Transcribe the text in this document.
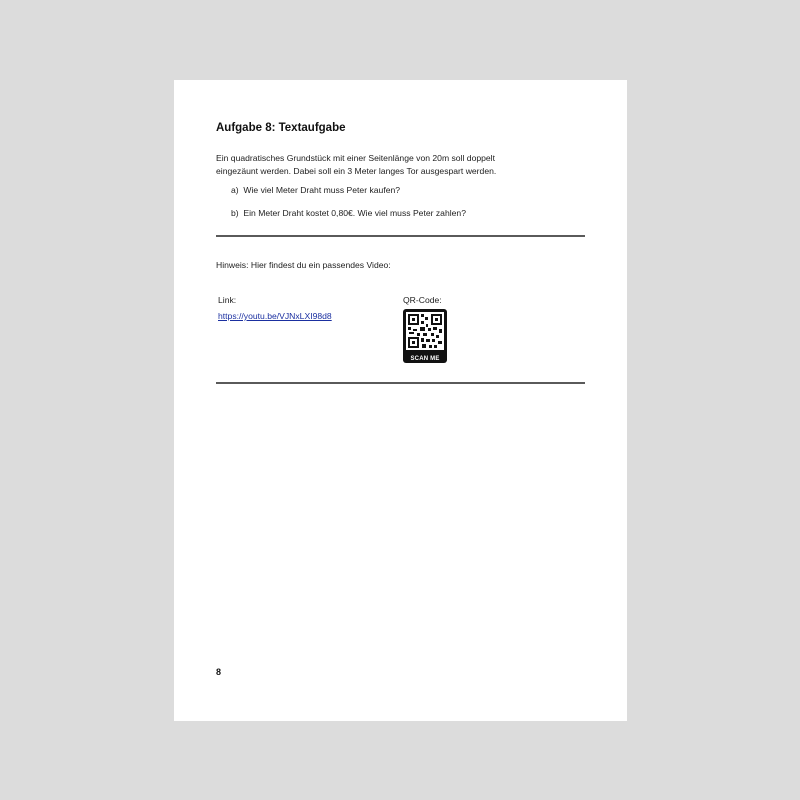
Aufgabe 8: Textaufgabe
Ein quadratisches Grundstück mit einer Seitenlänge von 20m soll doppelt
eingezäunt werden. Dabei soll ein 3 Meter langes Tor ausgespart werden.
a) Wie viel Meter Draht muss Peter kaufen?
b) Ein Meter Draht kostet 0,80€. Wie viel muss Peter zahlen?
Hinweis: Hier findest du ein passendes Video:
Link:
https://youtu.be/VJNxLXI98d8
QR-Code:
SCAN ME
8
